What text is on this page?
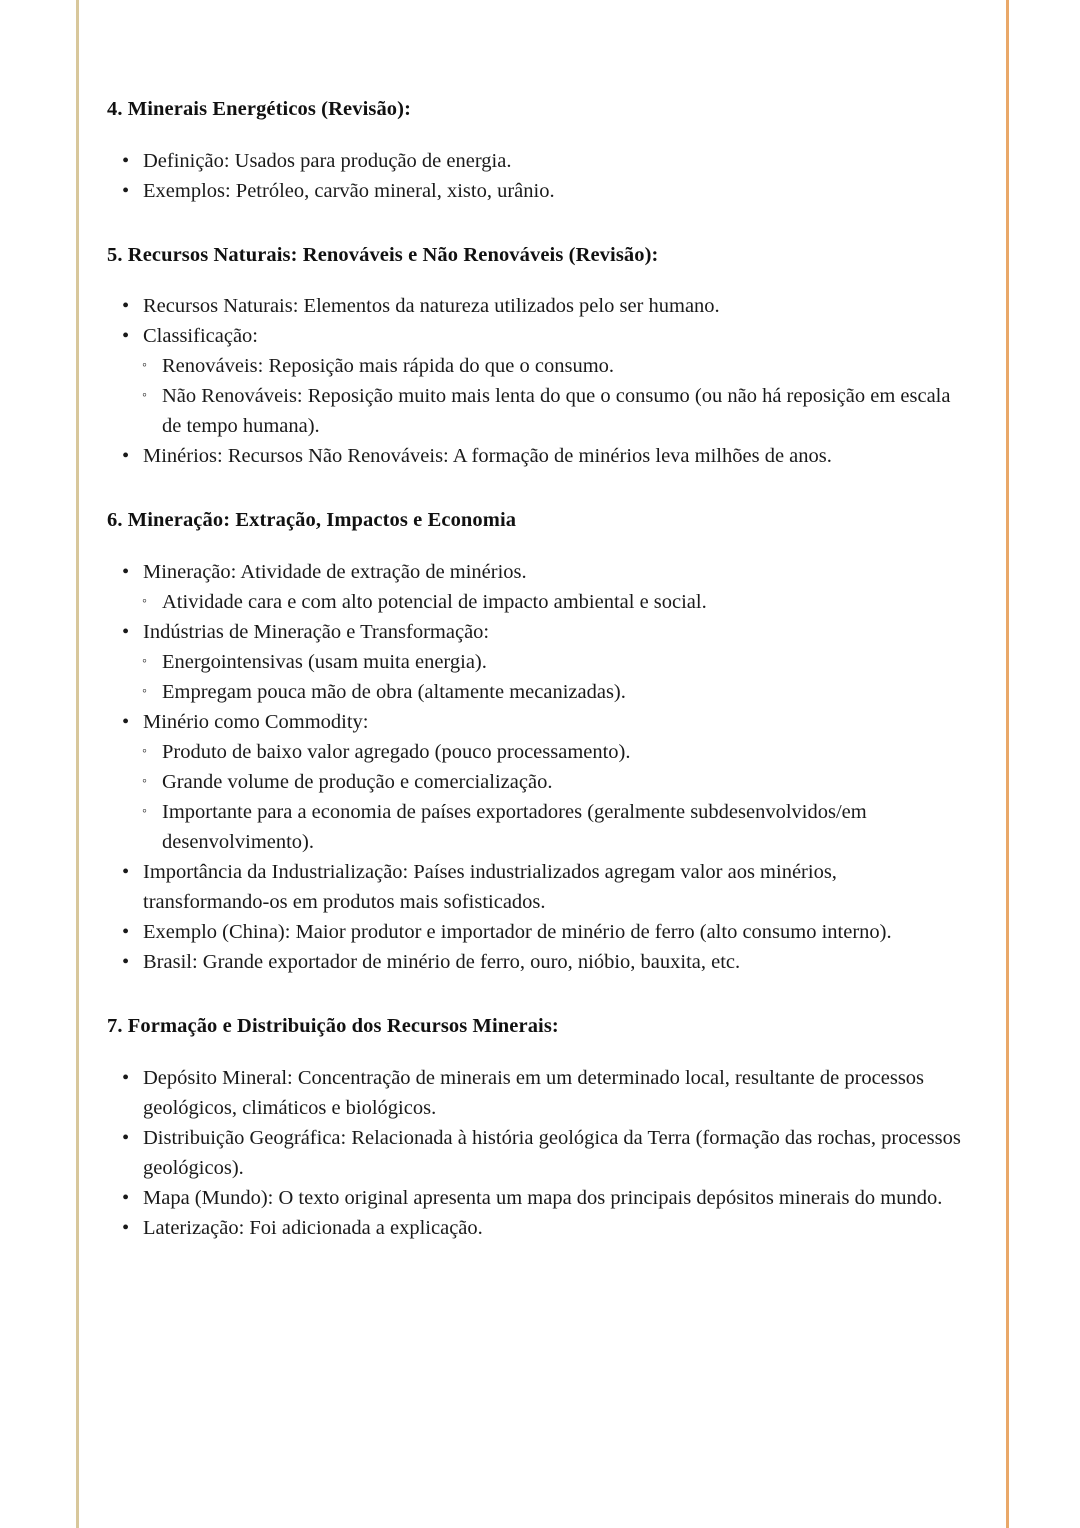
4. Minerais Energéticos (Revisão):
• Definição: Usados para produção de energia.
• Exemplos: Petróleo, carvão mineral, xisto, urânio.
5. Recursos Naturais: Renováveis e Não Renováveis (Revisão):
• Recursos Naturais: Elementos da natureza utilizados pelo ser humano.
• Classificação:
◦ Renováveis: Reposição mais rápida do que o consumo.
◦ Não Renováveis: Reposição muito mais lenta do que o consumo (ou não há reposição em escala de tempo humana).
• Minérios: Recursos Não Renováveis: A formação de minérios leva milhões de anos.
6. Mineração: Extração, Impactos e Economia
• Mineração: Atividade de extração de minérios.
◦ Atividade cara e com alto potencial de impacto ambiental e social.
• Indústrias de Mineração e Transformação:
◦ Energointensivas (usam muita energia).
◦ Empregam pouca mão de obra (altamente mecanizadas).
• Minério como Commodity:
◦ Produto de baixo valor agregado (pouco processamento).
◦ Grande volume de produção e comercialização.
◦ Importante para a economia de países exportadores (geralmente subdesenvolvidos/em desenvolvimento).
• Importância da Industrialização: Países industrializados agregam valor aos minérios, transformando-os em produtos mais sofisticados.
• Exemplo (China): Maior produtor e importador de minério de ferro (alto consumo interno).
• Brasil: Grande exportador de minério de ferro, ouro, nióbio, bauxita, etc.
7. Formação e Distribuição dos Recursos Minerais:
• Depósito Mineral: Concentração de minerais em um determinado local, resultante de processos geológicos, climáticos e biológicos.
• Distribuição Geográfica: Relacionada à história geológica da Terra (formação das rochas, processos geológicos).
• Mapa (Mundo): O texto original apresenta um mapa dos principais depósitos minerais do mundo.
• Laterização: Foi adicionada a explicação.
